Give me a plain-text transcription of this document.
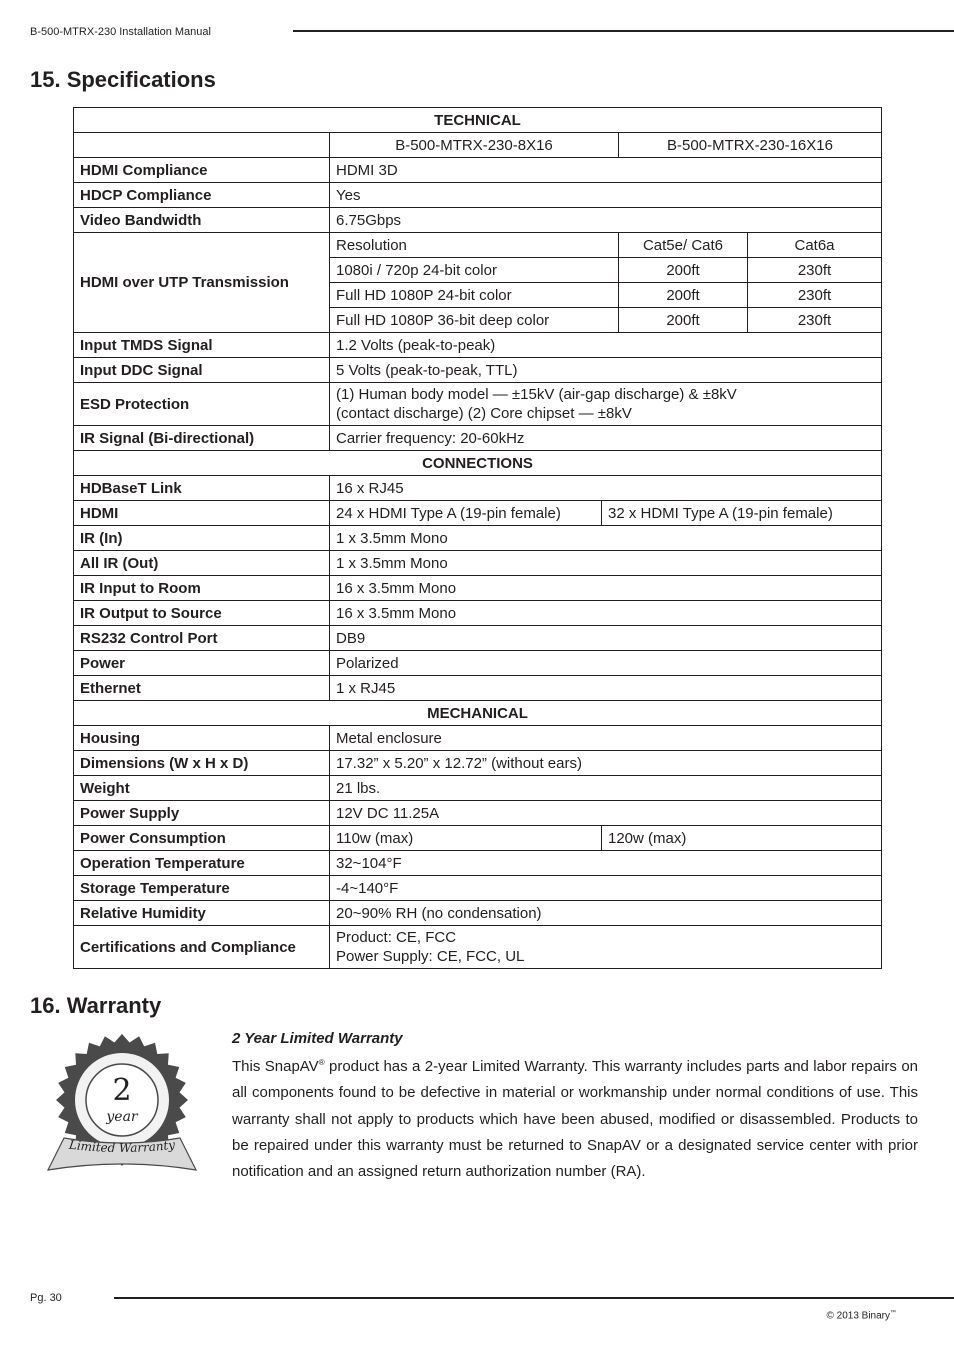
B-500-MTRX-230 Installation Manual
15. Specifications
TECHNICAL				
	B-500-MTRX-230-8X16		B-500-MTRX-230-16X16	
HDMI Compliance	HDMI 3D			
HDCP Compliance	Yes			
Video Bandwidth	6.75Gbps			
HDMI over UTP Transmission	Resolution		Cat5e/ Cat6	Cat6a
	1080i / 720p 24-bit color		200ft	230ft
	Full HD 1080P 24-bit color		200ft	230ft
	Full HD 1080P 36-bit deep color		200ft	230ft
Input TMDS Signal	1.2 Volts (peak-to-peak)			
Input DDC Signal	5 Volts (peak-to-peak, TTL)			
ESD Protection	(1) Human body model — ±15kV (air-gap discharge) & ±8kV
(contact discharge) (2) Core chipset — ±8kV			
IR Signal (Bi-directional)	Carrier frequency: 20-60kHz			
CONNECTIONS				
HDBaseT Link	16 x RJ45			
HDMI	24 x HDMI Type A (19-pin female)	32 x HDMI Type A (19-pin female)		
IR (In)	1 x 3.5mm Mono			
All IR (Out)	1 x 3.5mm Mono			
IR Input to Room	16 x 3.5mm Mono			
IR Output to Source	16 x 3.5mm Mono			
RS232 Control Port	DB9			
Power	Polarized			
Ethernet	1 x RJ45			
MECHANICAL				
Housing	Metal enclosure			
Dimensions (W x H x D)	17.32” x 5.20” x 12.72” (without ears)			
Weight	21 lbs.			
Power Supply	12V DC 11.25A			
Power Consumption	110w (max)	120w (max)		
Operation Temperature	32~104°F			
Storage Temperature	-4~140°F			
Relative Humidity	20~90% RH (no condensation)			
Certifications and Compliance	Product: CE, FCC
Power Supply: CE, FCC, UL			
16. Warranty
2
year
Limited Warranty
2 Year Limited Warranty

This SnapAV® product has a 2-year Limited Warranty. This warranty includes parts and labor repairs on all components found to be defective in material or workmanship under normal conditions of use. This warranty shall not apply to products which have been abused, modified or disassembled. Products to be repaired under this warranty must be returned to SnapAV or a designated service center with prior notification and an assigned return authorization number (RA).

Pg. 30
© 2013 Binary™
